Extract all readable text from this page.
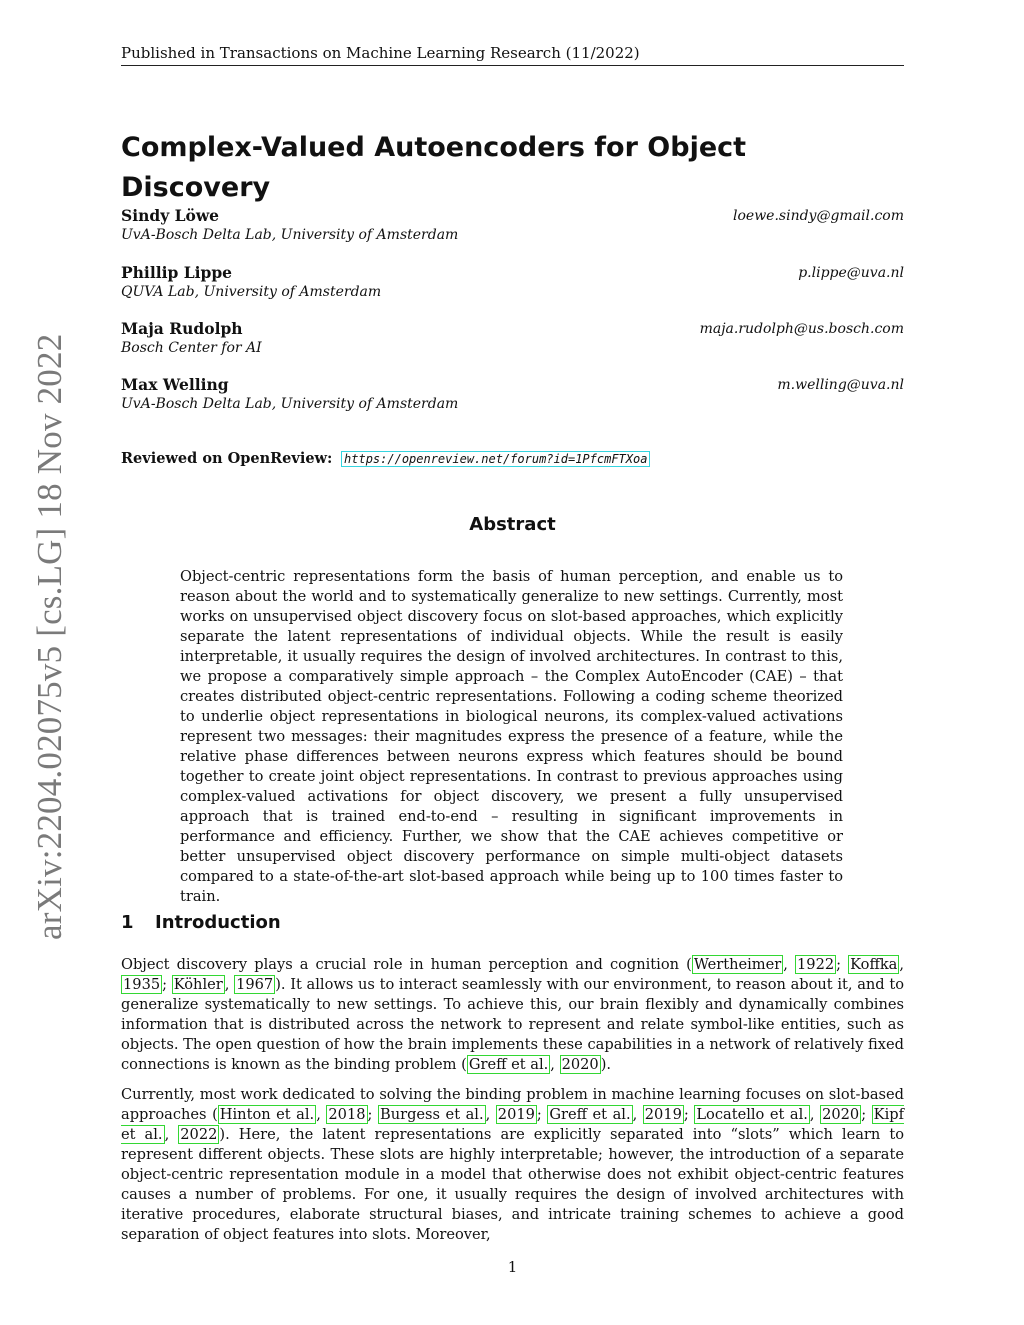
Published in Transactions on Machine Learning Research (11/2022)
arXiv:2204.02075v5 [cs.LG] 18 Nov 2022
Complex-Valued Autoencoders for Object Discovery
Sindy Löwe	loewe.sindy@gmail.com
UvA-Bosch Delta Lab, University of Amsterdam
Phillip Lippe	p.lippe@uva.nl
QUVA Lab, University of Amsterdam
Maja Rudolph	maja.rudolph@us.bosch.com
Bosch Center for AI
Max Welling	m.welling@uva.nl
UvA-Bosch Delta Lab, University of Amsterdam
Reviewed on OpenReview: https://openreview.net/forum?id=1PfcmFTXoa
Abstract

Object-centric representations form the basis of human perception, and enable us to reason about the world and to systematically generalize to new settings. Currently, most works on unsupervised object discovery focus on slot-based approaches, which explicitly separate the latent representations of individual objects. While the result is easily interpretable, it usually requires the design of involved architectures. In contrast to this, we propose a comparatively simple approach – the Complex AutoEncoder (CAE) – that creates distributed object-centric representations. Following a coding scheme theorized to underlie object representations in biological neurons, its complex-valued activations represent two messages: their magnitudes express the presence of a feature, while the relative phase differences between neurons express which features should be bound together to create joint object representations. In contrast to previous approaches using complex-valued activations for object discovery, we present a fully unsupervised approach that is trained end-to-end – resulting in significant improvements in performance and efficiency. Further, we show that the CAE achieves competitive or better unsupervised object discovery performance on simple multi-object datasets compared to a state-of-the-art slot-based approach while being up to 100 times faster to train.

1 Introduction

Object discovery plays a crucial role in human perception and cognition ( Wertheimer , 1922 ; Koffka , 1935 ; Köhler , 1967 ). It allows us to interact seamlessly with our environment, to reason about it, and to generalize systematically to new settings. To achieve this, our brain flexibly and dynamically combines information that is distributed across the network to represent and relate symbol-like entities, such as objects. The open question of how the brain implements these capabilities in a network of relatively fixed connections is known as the binding problem ( Greff et al. , 2020 ).

Currently, most work dedicated to solving the binding problem in machine learning focuses on slot-based approaches ( Hinton et al. , 2018 ; Burgess et al. , 2019 ; Greff et al. , 2019 ; Locatello et al. , 2020 ; Kipf et al. , 2022 ). Here, the latent representations are explicitly separated into “slots” which learn to represent different objects. These slots are highly interpretable; however, the introduction of a separate object-centric representation module in a model that otherwise does not exhibit object-centric features causes a number of problems. For one, it usually requires the design of involved architectures with iterative procedures, elaborate structural biases, and intricate training schemes to achieve a good separation of object features into slots. Moreover,

1
